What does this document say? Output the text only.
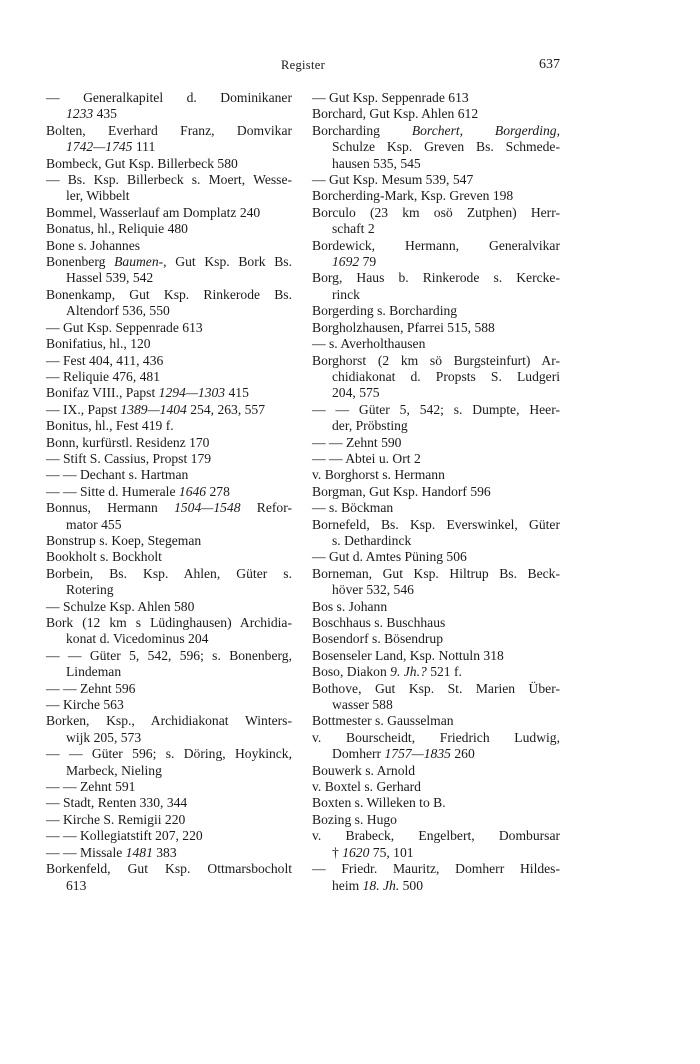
Register	637
— Generalkapitel d. Dominikaner
1233 435
Bolten, Everhard Franz, Domvikar
1742—1745 111
Bombeck, Gut Ksp. Billerbeck 580
— Bs. Ksp. Billerbeck s. Moert, Wesse-
ler, Wibbelt
Bommel, Wasserlauf am Domplatz 240
Bonatus, hl., Reliquie 480
Bone s. Johannes
Bonenberg Baumen-, Gut Ksp. Bork Bs.
Hassel 539, 542
Bonenkamp, Gut Ksp. Rinkerode Bs.
Altendorf 536, 550
— Gut Ksp. Seppenrade 613
Bonifatius, hl., 120
— Fest 404, 411, 436
— Reliquie 476, 481
Bonifaz VIII., Papst 1294—1303 415
— IX., Papst 1389—1404 254, 263, 557
Bonitus, hl., Fest 419 f.
Bonn, kurfürstl. Residenz 170
— Stift S. Cassius, Propst 179
— — Dechant s. Hartman
— — Sitte d. Humerale 1646 278
Bonnus, Hermann 1504—1548 Refor-
mator 455
Bonstrup s. Koep, Stegeman
Bookholt s. Bockholt
Borbein, Bs. Ksp. Ahlen, Güter s.
Rotering
— Schulze Ksp. Ahlen 580
Bork (12 km s Lüdinghausen) Archidia-
konat d. Vicedominus 204
— — Güter 5, 542, 596; s. Bonenberg,
Lindeman
— — Zehnt 596
— Kirche 563
Borken, Ksp., Archidiakonat Winters-
wijk 205, 573
— — Güter 596; s. Döring, Hoykinck,
Marbeck, Nieling
— — Zehnt 591
— Stadt, Renten 330, 344
— Kirche S. Remigii 220
— — Kollegiatstift 207, 220
— — Missale 1481 383
Borkenfeld, Gut Ksp. Ottmarsbocholt
613
— Gut Ksp. Seppenrade 613
Borchard, Gut Ksp. Ahlen 612
Borcharding Borchert, Borgerding,
Schulze Ksp. Greven Bs. Schmede-
hausen 535, 545
— Gut Ksp. Mesum 539, 547
Borcherding-Mark, Ksp. Greven 198
Borculo (23 km osö Zutphen) Herr-
schaft 2
Bordewick, Hermann, Generalvikar
1692 79
Borg, Haus b. Rinkerode s. Kercke-
rinck
Borgerding s. Borcharding
Borgholzhausen, Pfarrei 515, 588
— s. Averholthausen
Borghorst (2 km sö Burgsteinfurt) Ar-
chidiakonat d. Propsts S. Ludgeri
204, 575
— — Güter 5, 542; s. Dumpte, Heer-
der, Pröbsting
— — Zehnt 590
— — Abtei u. Ort 2
v. Borghorst s. Hermann
Borgman, Gut Ksp. Handorf 596
— s. Böckman
Bornefeld, Bs. Ksp. Everswinkel, Güter
s. Dethardinck
— Gut d. Amtes Püning 506
Borneman, Gut Ksp. Hiltrup Bs. Beck-
höver 532, 546
Bos s. Johann
Boschhaus s. Buschhaus
Bosendorf s. Bösendrup
Bosenseler Land, Ksp. Nottuln 318
Boso, Diakon 9. Jh.? 521 f.
Bothove, Gut Ksp. St. Marien Über-
wasser 588
Bottmester s. Gausselman
v. Bourscheidt, Friedrich Ludwig,
Domherr 1757—1835 260
Bouwerk s. Arnold
v. Boxtel s. Gerhard
Boxten s. Willeken to B.
Bozing s. Hugo
v. Brabeck, Engelbert, Dombursar
† 1620 75, 101
— Friedr. Mauritz, Domherr Hildes-
heim 18. Jh. 500
